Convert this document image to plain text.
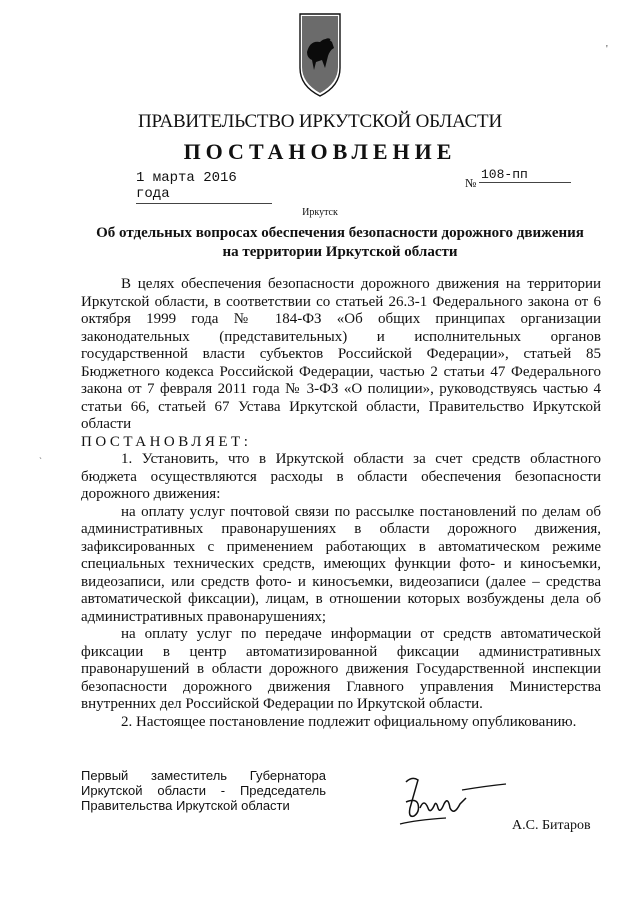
'
`
ПРАВИТЕЛЬСТВО ИРКУТСКОЙ ОБЛАСТИ
ПОСТАНОВЛЕНИЕ
1 марта 2016 года
№
108-пп
Иркутск
Об отдельных вопросах обеспечения безопасности дорожного движения
на территории Иркутской области

В целях обеспечения безопасности дорожного движения на территории Иркутской области, в соответствии со статьей 26.3-1 Федерального закона от 6 октября 1999 года № 184-ФЗ «Об общих принципах организации законодательных (представительных) и исполнительных органов государственной власти субъектов Российской Федерации», статьей 85 Бюджетного кодекса Российской Федерации, частью 2 статьи 47 Федерального закона от 7 февраля 2011 года № 3-ФЗ «О полиции», руководствуясь частью 4 статьи 66, статьей 67 Устава Иркутской области, Правительство Иркутской области

ПОСТАНОВЛЯЕТ:

1. Установить, что в Иркутской области за счет средств областного бюджета осуществляются расходы в области обеспечения безопасности дорожного движения:

на оплату услуг почтовой связи по рассылке постановлений по делам об административных правонарушениях в области дорожного движения, зафиксированных с применением работающих в автоматическом режиме специальных технических средств, имеющих функции фото- и киносъемки, видеозаписи, или средств фото- и киносъемки, видеозаписи (далее – средства автоматической фиксации), лицам, в отношении которых возбуждены дела об административных правонарушениях;

на оплату услуг по передаче информации от средств автоматической фиксации в центр автоматизированной фиксации административных правонарушений в области дорожного движения Государственной инспекции безопасности дорожного движения Главного управления Министерства внутренних дел Российской Федерации по Иркутской области.

2. Настоящее постановление подлежит официальному опубликованию.

Первый заместитель Губернатора
Иркутской области - Председатель
Правительства Иркутской области
А.С. Битаров
